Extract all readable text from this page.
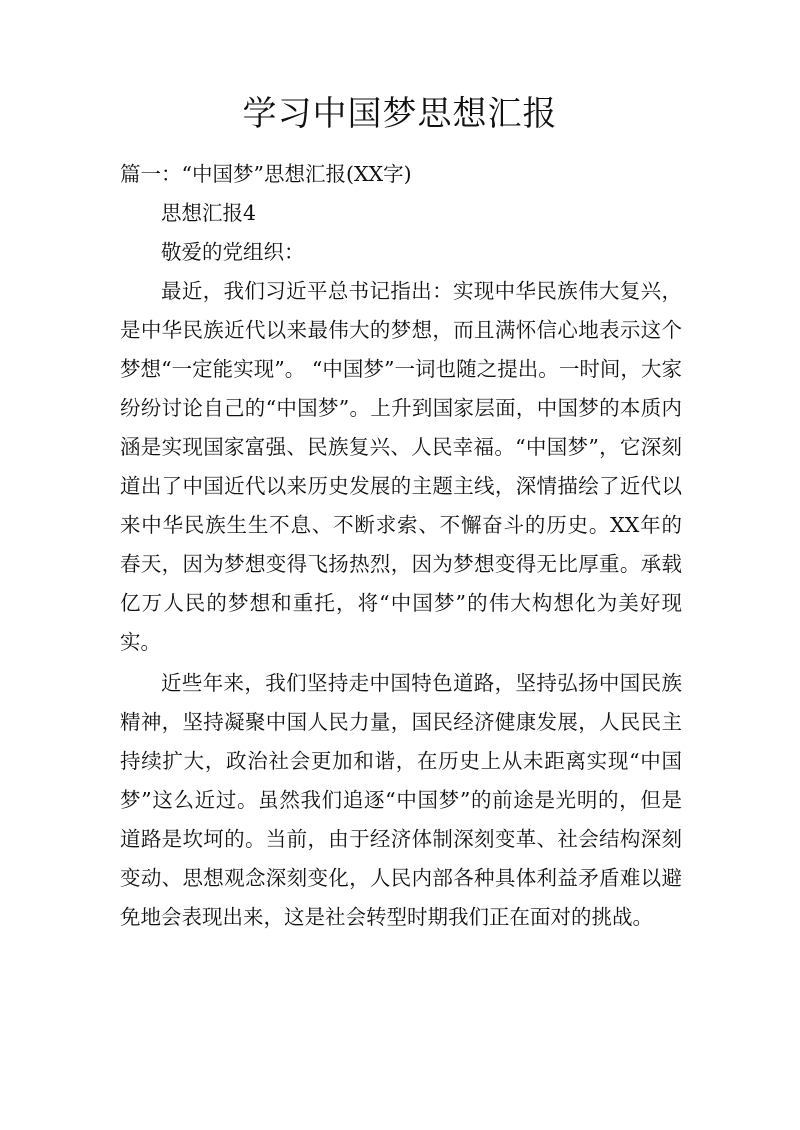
学习中国梦思想汇报

篇一：“中国梦”思想汇报(XX字)

思想汇报4

敬爱的党组织：

最近，我们习近平总书记指出：实现中华民族伟大复兴，是中华民族近代以来最伟大的梦想，而且满怀信心地表示这个梦想“一定能实现”。 “中国梦”一词也随之提出。一时间，大家纷纷讨论自己的“中国梦”。上升到国家层面，中国梦的本质内涵是实现国家富强、民族复兴、人民幸福。“中国梦”，它深刻道出了中国近代以来历史发展的主题主线，深情描绘了近代以来中华民族生生不息、不断求索、不懈奋斗的历史。XX年的春天，因为梦想变得飞扬热烈，因为梦想变得无比厚重。承载亿万人民的梦想和重托，将“中国梦”的伟大构想化为美好现实。

近些年来，我们坚持走中国特色道路，坚持弘扬中国民族精神，坚持凝聚中国人民力量，国民经济健康发展，人民民主持续扩大，政治社会更加和谐，在历史上从未距离实现“中国梦”这么近过。虽然我们追逐“中国梦”的前途是光明的，但是道路是坎坷的。当前，由于经济体制深刻变革、社会结构深刻变动、思想观念深刻变化，人民内部各种具体利益矛盾难以避免地会表现出来，这是社会转型时期我们正在面对的挑战。
